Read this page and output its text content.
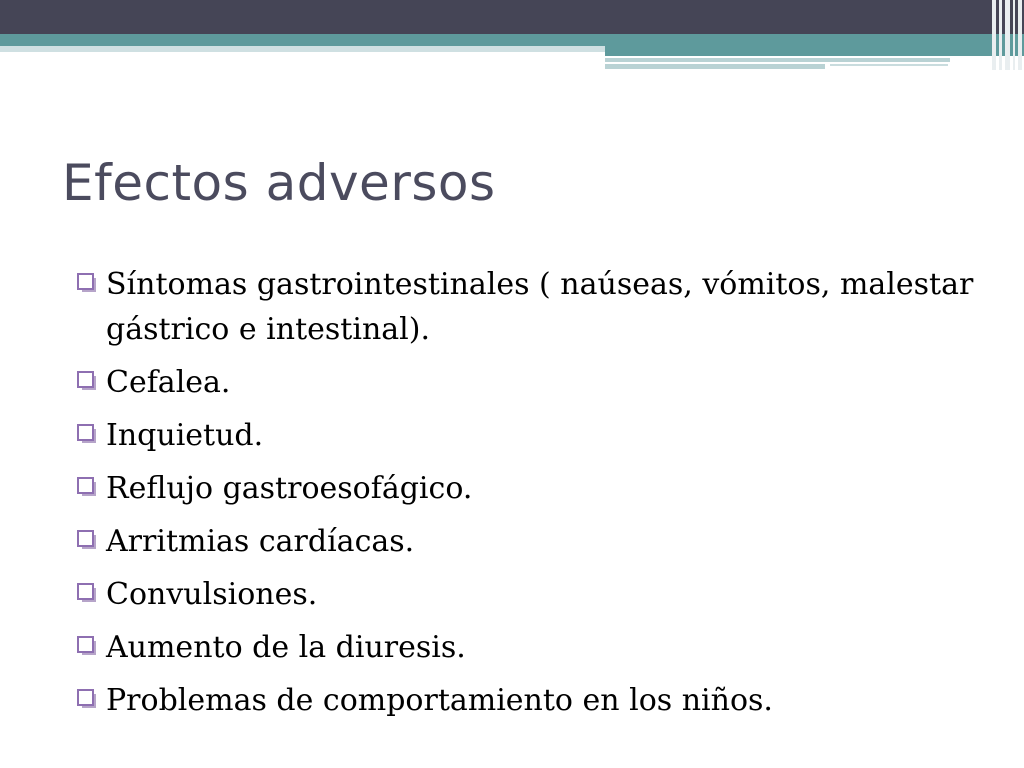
Efectos adversos
Síntomas gastrointestinales ( naúseas, vómitos, malestar gástrico e intestinal).
Cefalea.
Inquietud.
Reflujo gastroesofágico.
Arritmias cardíacas.
Convulsiones.
Aumento de la diuresis.
Problemas de comportamiento en los niños.
